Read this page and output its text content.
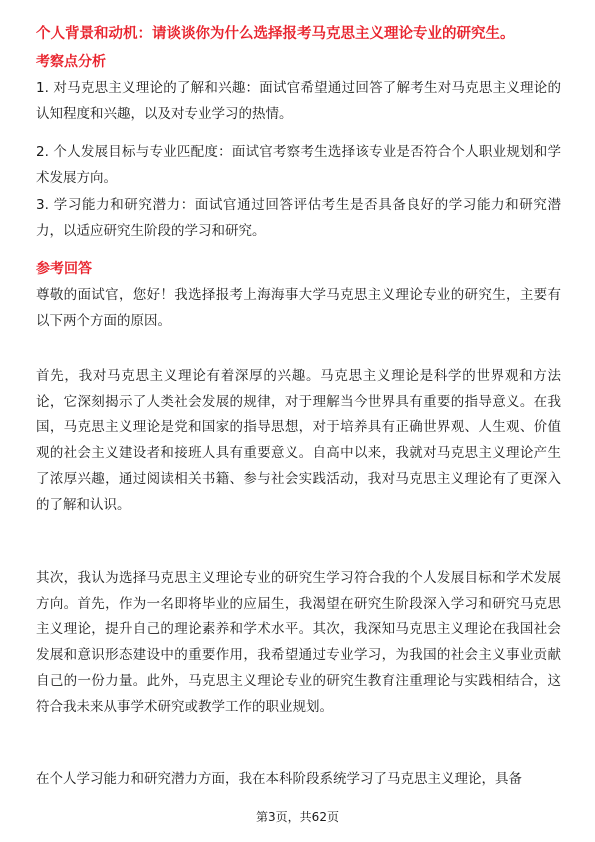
个人背景和动机：请谈谈你为什么选择报考马克思主义理论专业的研究生。
考察点分析

1. 对马克思主义理论的了解和兴趣：面试官希望通过回答了解考生对马克思主义理论的认知程度和兴趣，以及对专业学习的热情。

2. 个人发展目标与专业匹配度：面试官考察考生选择该专业是否符合个人职业规划和学术发展方向。

3. 学习能力和研究潜力：面试官通过回答评估考生是否具备良好的学习能力和研究潜力，以适应研究生阶段的学习和研究。

参考回答

尊敬的面试官，您好！我选择报考上海海事大学马克思主义理论专业的研究生，主要有以下两个方面的原因。

首先，我对马克思主义理论有着深厚的兴趣。马克思主义理论是科学的世界观和方法论，它深刻揭示了人类社会发展的规律，对于理解当今世界具有重要的指导意义。在我国，马克思主义理论是党和国家的指导思想，对于培养具有正确世界观、人生观、价值观的社会主义建设者和接班人具有重要意义。自高中以来，我就对马克思主义理论产生了浓厚兴趣，通过阅读相关书籍、参与社会实践活动，我对马克思主义理论有了更深入的了解和认识。

其次，我认为选择马克思主义理论专业的研究生学习符合我的个人发展目标和学术发展方向。首先，作为一名即将毕业的应届生，我渴望在研究生阶段深入学习和研究马克思主义理论，提升自己的理论素养和学术水平。其次，我深知马克思主义理论在我国社会发展和意识形态建设中的重要作用，我希望通过专业学习，为我国的社会主义事业贡献自己的一份力量。此外，马克思主义理论专业的研究生教育注重理论与实践相结合，这符合我未来从事学术研究或教学工作的职业规划。

在个人学习能力和研究潜力方面，我在本科阶段系统学习了马克思主义理论，具备

第3页，共62页
